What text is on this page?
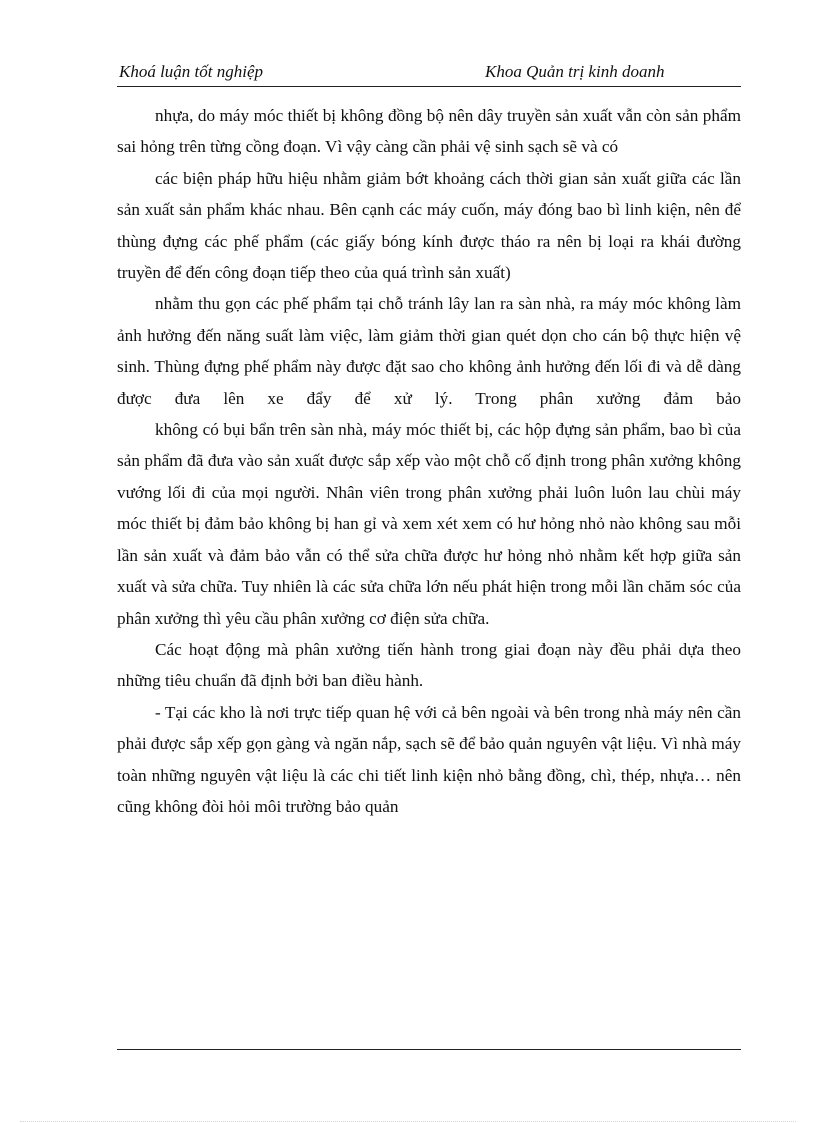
Khoá luận tốt nghiệp	Khoa Quản trị kinh doanh

nhựa, do máy móc thiết bị không đồng bộ nên dây truyền sản xuất vẫn còn sản phẩm sai hỏng trên từng cồng đoạn. Vì vậy càng cần phải vệ sinh sạch sẽ và có

các biện pháp hữu hiệu nhằm giảm bớt khoảng cách thời gian sản xuất giữa các lần sản xuất sản phẩm khác nhau. Bên cạnh các máy cuốn, máy đóng bao bì linh kiện, nên để thùng đựng các phế phẩm (các giấy bóng kính được tháo ra nên bị loại ra khái đường truyền để đến công đoạn tiếp theo của quá trình sản xuất)

nhằm thu gọn các phế phẩm tại chỗ tránh lây lan ra sàn nhà, ra máy móc không làm ảnh hưởng đến năng suất làm việc, làm giảm thời gian quét dọn cho cán bộ thực hiện vệ sinh. Thùng đựng phế phẩm này được đặt sao cho không ảnh hưởng đến lối đi và dễ dàng được đưa lên xe đẩy để xử lý. Trong phân xưởng đảm bảo

không có bụi bẩn trên sàn nhà, máy móc thiết bị, các hộp đựng sản phẩm, bao bì của sản phẩm đã đưa vào sản xuất được sắp xếp vào một chỗ cố định trong phân xưởng không vướng lối đi của mọi người. Nhân viên trong phân xưởng phải luôn luôn lau chùi máy móc thiết bị đảm bảo không bị han gỉ và xem xét xem có hư hỏng nhỏ nào không sau mỗi lần sản xuất và đảm bảo vẫn có thể sửa chữa được hư hỏng nhỏ nhằm kết hợp giữa sản xuất và sửa chữa. Tuy nhiên là các sửa chữa lớn nếu phát hiện trong mỗi lần chăm sóc của phân xưởng thì yêu cầu phân xưởng cơ điện sửa chữa.

Các hoạt động mà phân xưởng tiến hành trong giai đoạn này đều phải dựa theo những tiêu chuẩn đã định bởi ban điều hành.

- Tại các kho là nơi trực tiếp quan hệ với cả bên ngoài và bên trong nhà máy nên cần phải được sắp xếp gọn gàng và ngăn nắp, sạch sẽ để bảo quản nguyên vật liệu. Vì nhà máy toàn những nguyên vật liệu là các chi tiết linh kiện nhỏ bằng đồng, chì, thép, nhựa… nên cũng không đòi hỏi môi trường bảo quản
